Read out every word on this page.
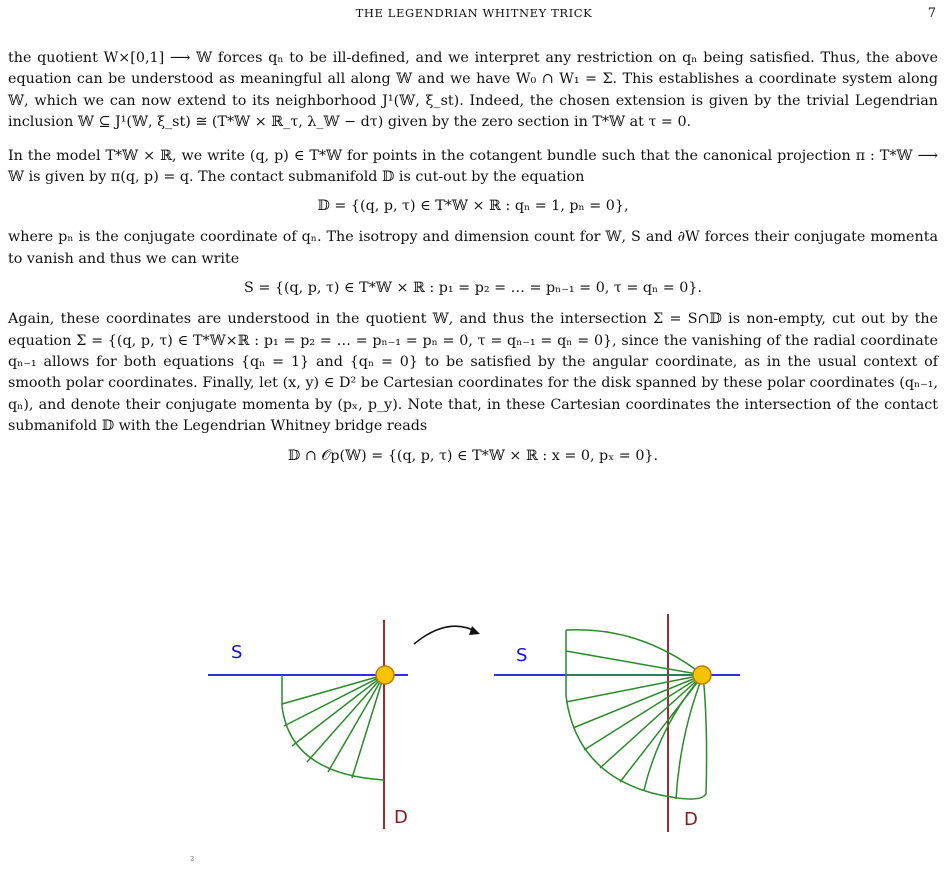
THE LEGENDRIAN WHITNEY TRICK	7

the quotient W×[0,1] ⟶ 𝕎 forces qₙ to be ill-defined, and we interpret any restriction on qₙ being satisfied. Thus, the above equation can be understood as meaningful all along 𝕎 and we have W₀ ∩ W₁ = Σ. This establishes a coordinate system along 𝕎, which we can now extend to its neighborhood J¹(𝕎, ξ_st). Indeed, the chosen extension is given by the trivial Legendrian inclusion 𝕎 ⊆ J¹(𝕎, ξ_st) ≅ (T*𝕎 × ℝ_τ, λ_𝕎 − dτ) given by the zero section in T*𝕎 at τ = 0.

In the model T*𝕎 × ℝ, we write (q, p) ∈ T*𝕎 for points in the cotangent bundle such that the canonical projection π : T*𝕎 ⟶ 𝕎 is given by π(q, p) = q. The contact submanifold 𝔻 is cut-out by the equation

𝔻 = {(q, p, τ) ∈ T*𝕎 × ℝ : qₙ = 1, pₙ = 0},

where pₙ is the conjugate coordinate of qₙ. The isotropy and dimension count for 𝕎, S and ∂W forces their conjugate momenta to vanish and thus we can write

S = {(q, p, τ) ∈ T*𝕎 × ℝ : p₁ = p₂ = … = pₙ₋₁ = 0, τ = qₙ = 0}.

Again, these coordinates are understood in the quotient 𝕎, and thus the intersection Σ = S∩𝔻 is non-empty, cut out by the equation Σ = {(q, p, τ) ∈ T*𝕎×ℝ : p₁ = p₂ = … = pₙ₋₁ = pₙ = 0, τ = qₙ₋₁ = qₙ = 0}, since the vanishing of the radial coordinate qₙ₋₁ allows for both equations {qₙ = 1} and {qₙ = 0} to be satisfied by the angular coordinate, as in the usual context of smooth polar coordinates. Finally, let (x, y) ∈ D² be Cartesian coordinates for the disk spanned by these polar coordinates (qₙ₋₁, qₙ), and denote their conjugate momenta by (pₓ, p_y). Note that, in these Cartesian coordinates the intersection of the contact submanifold 𝔻 with the Legendrian Whitney bridge reads

𝔻 ∩ 𝒪p(𝕎) = {(q, p, τ) ∈ T*𝕎 × ℝ : x = 0, pₓ = 0}.
S
D
S
D
²
